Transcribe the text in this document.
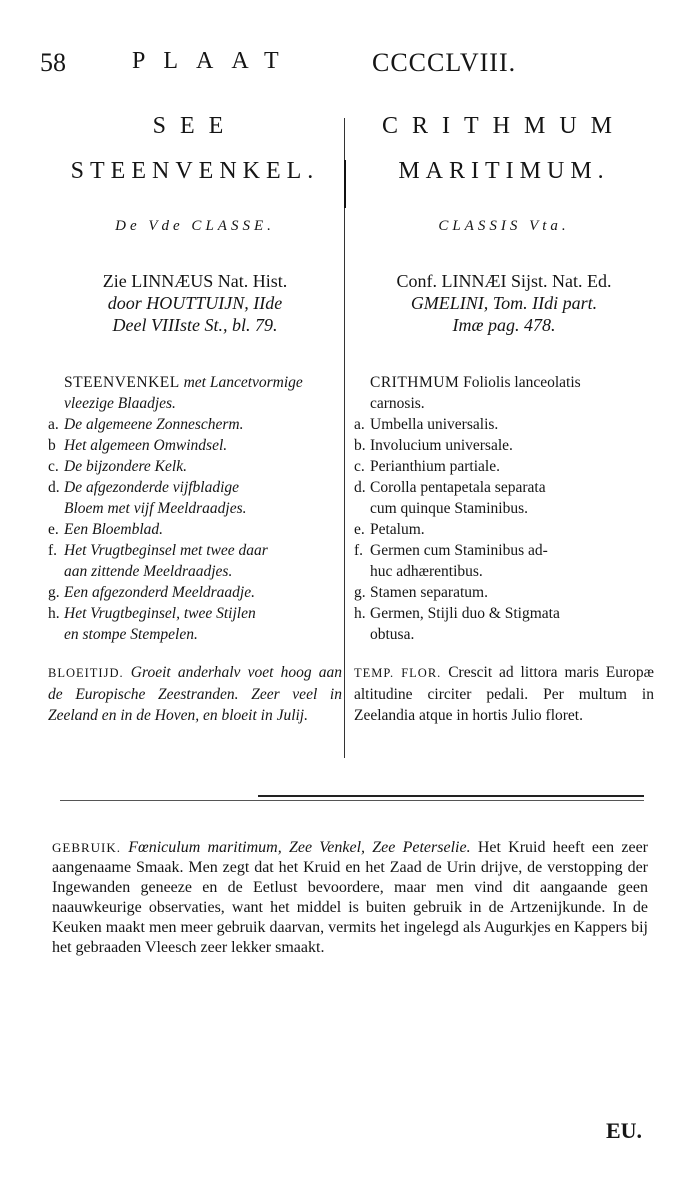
58	PLAAT	CCCCLVIII.
SEE
STEENVENKEL.
De Vde CLASSE.
Zie LINNÆUS Nat. Hist.
door HOUTTUIJN, IIde
Deel VIIIste St., bl. 79.
STEENVENKEL met Lancetvormige
vleezige Blaadjes.
a. De algemeene Zonnescherm.
b Het algemeen Omwindsel.
c. De bijzondere Kelk.
d. De afgezonderde vijfbladige
Bloem met vijf Meeldraadjes.
e. Een Bloemblad.
f. Het Vrugtbeginsel met twee daar
aan zittende Meeldraadjes.
g. Een afgezonderd Meeldraadje.
h. Het Vrugtbeginsel, twee Stijlen
en stompe Stempelen.
BLOEITIJD. Groeit anderhalv voet hoog aan de Europische Zeestranden. Zeer veel in Zeeland en in de Hoven, en bloeit in Julij.
CRITHMUM
MARITIMUM.
CLASSIS Vta.
Conf. LINNÆI Sijst. Nat. Ed.
GMELINI, Tom. IIdi part.
Imæ pag. 478.
CRITHMUM Foliolis lanceolatis
carnosis.
a. Umbella universalis.
b. Involucium universale.
c. Perianthium partiale.
d. Corolla pentapetala separata
cum quinque Staminibus.
e. Petalum.
f. Germen cum Staminibus ad-
huc adhærentibus.
g. Stamen separatum.
h. Germen, Stijli duo & Stigmata
obtusa.
TEMP. FLOR. Crescit ad littora maris Europæ altitudine circiter pedali. Per multum in Zeelandia atque in hortis Julio floret.
GEBRUIK. Fœniculum maritimum, Zee Venkel, Zee Peterselie. Het Kruid heeft een zeer aangenaame Smaak. Men zegt dat het Kruid en het Zaad de Urin drijve, de verstopping der Ingewanden geneeze en de Eetlust bevoordere, maar men vind dit aangaande geen naauwkeurige observaties, want het middel is buiten gebruik in de Artzenijkunde. In de Keuken maakt men meer gebruik daarvan, vermits het ingelegd als Augurkjes en Kappers bij het gebraaden Vleesch zeer lekker smaakt.
EU.
